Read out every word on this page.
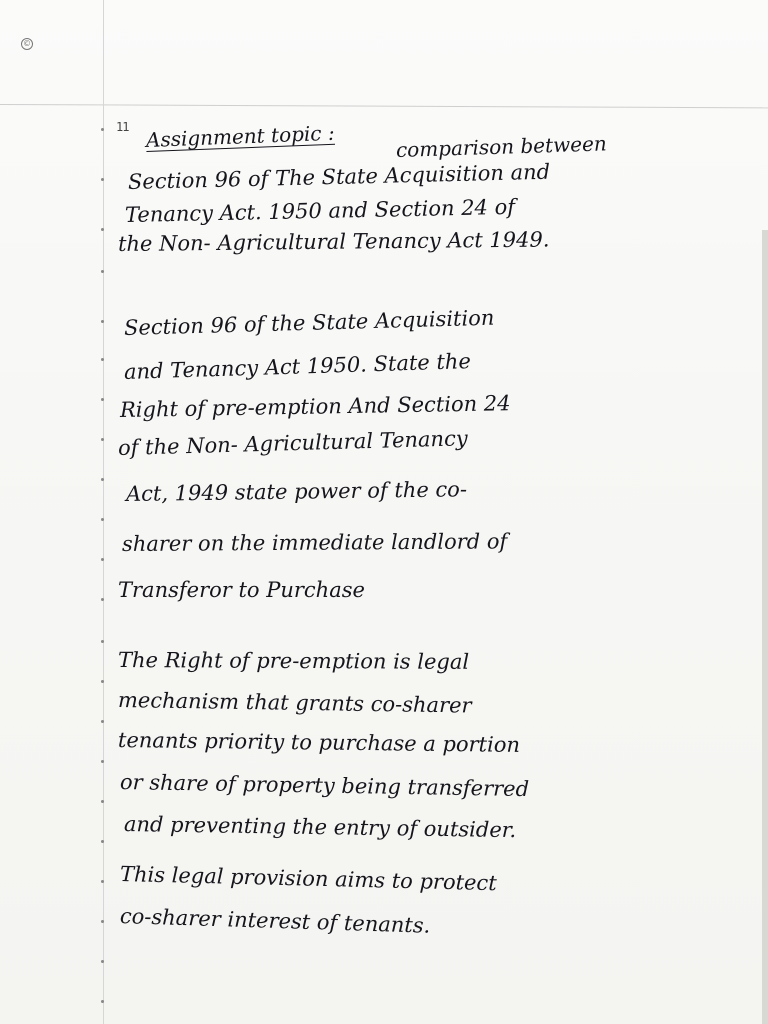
©
11 Assignment topic :	comparison between

Section 96 of The State Acquisition and

Tenancy Act. 1950 and Section 24 of

the Non- Agricultural Tenancy Act 1949.

Section 96 of the State Acquisition

and Tenancy Act 1950. State the

Right of pre-emption And Section 24

of the Non- Agricultural Tenancy

Act, 1949 state power of the co-

sharer on the immediate landlord of

Transferor to Purchase

The Right of pre-emption is legal

mechanism that grants co-sharer

tenants priority to purchase a portion

or share of property being transferred

and preventing the entry of outsider.

This legal provision aims to protect

co-sharer interest of tenants.
